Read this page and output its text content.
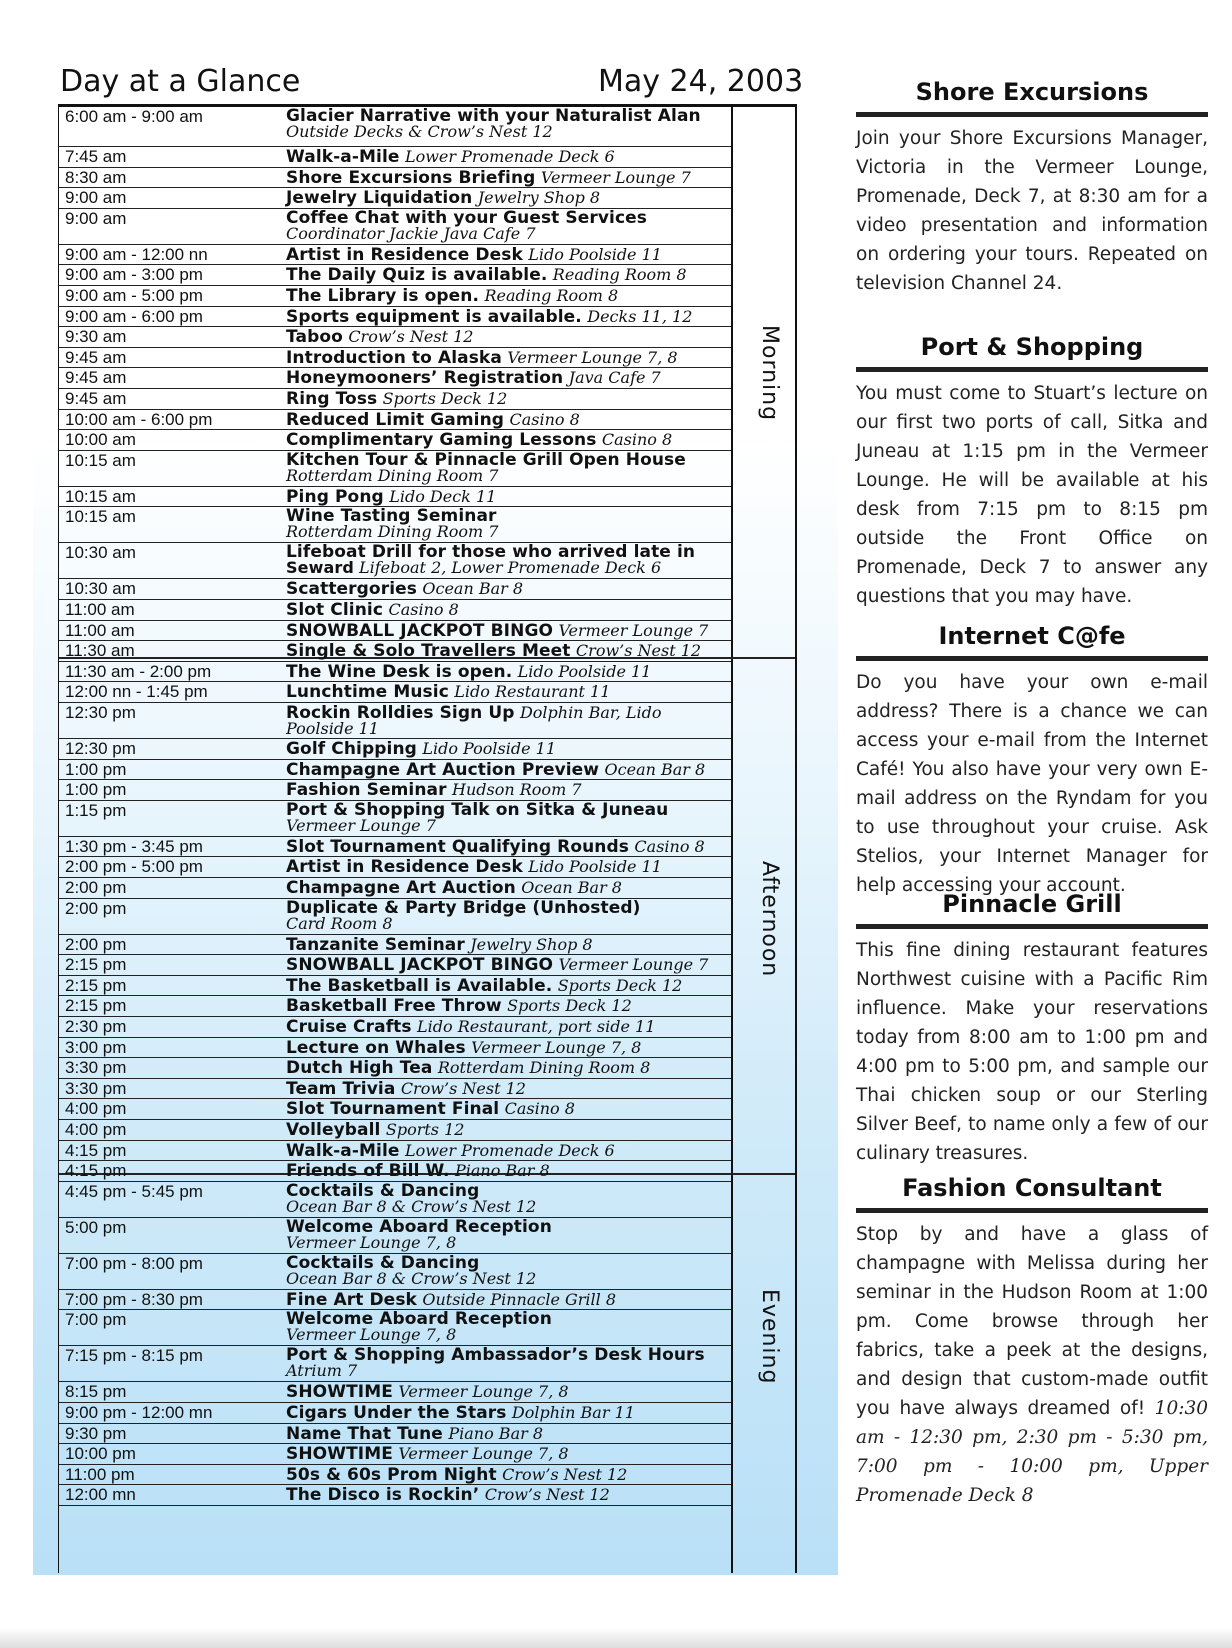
Day at a Glance	May 24, 2003
Morning
Afternoon
Evening
6:00 am - 9:00 am	Glacier Narrative with your Naturalist Alan
Outside Decks & Crow’s Nest 12
7:45 am	Walk-a-Mile Lower Promenade Deck 6
8:30 am	Shore Excursions Briefing Vermeer Lounge 7
9:00 am	Jewelry Liquidation Jewelry Shop 8
9:00 am	Coffee Chat with your Guest Services
Coordinator Jackie Java Cafe 7
9:00 am - 12:00 nn	Artist in Residence Desk Lido Poolside 11
9:00 am - 3:00 pm	The Daily Quiz is available. Reading Room 8
9:00 am - 5:00 pm	The Library is open. Reading Room 8
9:00 am - 6:00 pm	Sports equipment is available. Decks 11, 12
9:30 am	Taboo Crow’s Nest 12
9:45 am	Introduction to Alaska Vermeer Lounge 7, 8
9:45 am	Honeymooners’ Registration Java Cafe 7
9:45 am	Ring Toss Sports Deck 12
10:00 am - 6:00 pm	Reduced Limit Gaming Casino 8
10:00 am	Complimentary Gaming Lessons Casino 8
10:15 am	Kitchen Tour & Pinnacle Grill Open House
Rotterdam Dining Room 7
10:15 am	Ping Pong Lido Deck 11
10:15 am	Wine Tasting Seminar
Rotterdam Dining Room 7
10:30 am	Lifeboat Drill for those who arrived late in
Seward Lifeboat 2, Lower Promenade Deck 6
10:30 am	Scattergories Ocean Bar 8
11:00 am	Slot Clinic Casino 8
11:00 am	SNOWBALL JACKPOT BINGO Vermeer Lounge 7
11:30 am	Single & Solo Travellers Meet Crow’s Nest 12
11:30 am - 2:00 pm	The Wine Desk is open. Lido Poolside 11
12:00 nn - 1:45 pm	Lunchtime Music Lido Restaurant 11
12:30 pm	Rockin Rolldies Sign Up Dolphin Bar, Lido
Poolside 11
12:30 pm	Golf Chipping Lido Poolside 11
1:00 pm	Champagne Art Auction Preview Ocean Bar 8
1:00 pm	Fashion Seminar Hudson Room 7
1:15 pm	Port & Shopping Talk on Sitka & Juneau
Vermeer Lounge 7
1:30 pm - 3:45 pm	Slot Tournament Qualifying Rounds Casino 8
2:00 pm - 5:00 pm	Artist in Residence Desk Lido Poolside 11
2:00 pm	Champagne Art Auction Ocean Bar 8
2:00 pm	Duplicate & Party Bridge (Unhosted)
Card Room 8
2:00 pm	Tanzanite Seminar Jewelry Shop 8
2:15 pm	SNOWBALL JACKPOT BINGO Vermeer Lounge 7
2:15 pm	The Basketball is Available. Sports Deck 12
2:15 pm	Basketball Free Throw Sports Deck 12
2:30 pm	Cruise Crafts Lido Restaurant, port side 11
3:00 pm	Lecture on Whales Vermeer Lounge 7, 8
3:30 pm	Dutch High Tea Rotterdam Dining Room 8
3:30 pm	Team Trivia Crow’s Nest 12
4:00 pm	Slot Tournament Final Casino 8
4:00 pm	Volleyball Sports 12
4:15 pm	Walk-a-Mile Lower Promenade Deck 6
4:15 pm	Friends of Bill W. Piano Bar 8
4:45 pm - 5:45 pm	Cocktails & Dancing
Ocean Bar 8 & Crow’s Nest 12
5:00 pm	Welcome Aboard Reception
Vermeer Lounge 7, 8
7:00 pm - 8:00 pm	Cocktails & Dancing
Ocean Bar 8 & Crow’s Nest 12
7:00 pm - 8:30 pm	Fine Art Desk Outside Pinnacle Grill 8
7:00 pm	Welcome Aboard Reception
Vermeer Lounge 7, 8
7:15 pm - 8:15 pm	Port & Shopping Ambassador’s Desk Hours
Atrium 7
8:15 pm	SHOWTIME Vermeer Lounge 7, 8
9:00 pm - 12:00 mn	Cigars Under the Stars Dolphin Bar 11
9:30 pm	Name That Tune Piano Bar 8
10:00 pm	SHOWTIME Vermeer Lounge 7, 8
11:00 pm	50s & 60s Prom Night Crow’s Nest 12
12:00 mn	The Disco is Rockin’ Crow’s Nest 12
Shore Excursions
Join your Shore Excursions Manager, Victoria in the Vermeer Lounge, Promenade, Deck 7, at 8:30 am for a video presentation and information on ordering your tours. Repeated on television Channel 24.
Port & Shopping
You must come to Stuart’s lecture on our first two ports of call, Sitka and Juneau at 1:15 pm in the Vermeer Lounge. He will be available at his desk from 7:15 pm to 8:15 pm outside the Front Office on Promenade, Deck 7 to answer any questions that you may have.
Internet C@fe
Do you have your own e-mail address? There is a chance we can access your e-mail from the Internet Café! You also have your very own E-mail address on the Ryndam for you to use throughout your cruise. Ask Stelios, your Internet Manager for help accessing your account.
Pinnacle Grill
This fine dining restaurant features Northwest cuisine with a Pacific Rim influence. Make your reservations today from 8:00 am to 1:00 pm and 4:00 pm to 5:00 pm, and sample our Thai chicken soup or our Sterling Silver Beef, to name only a few of our culinary treasures.
Fashion Consultant
Stop by and have a glass of champagne with Melissa during her seminar in the Hudson Room at 1:00 pm. Come browse through her fabrics, take a peek at the designs, and design that custom-made outfit you have always dreamed of! 10:30 am - 12:30 pm, 2:30 pm - 5:30 pm, 7:00 pm - 10:00 pm, Upper Promenade Deck 8
